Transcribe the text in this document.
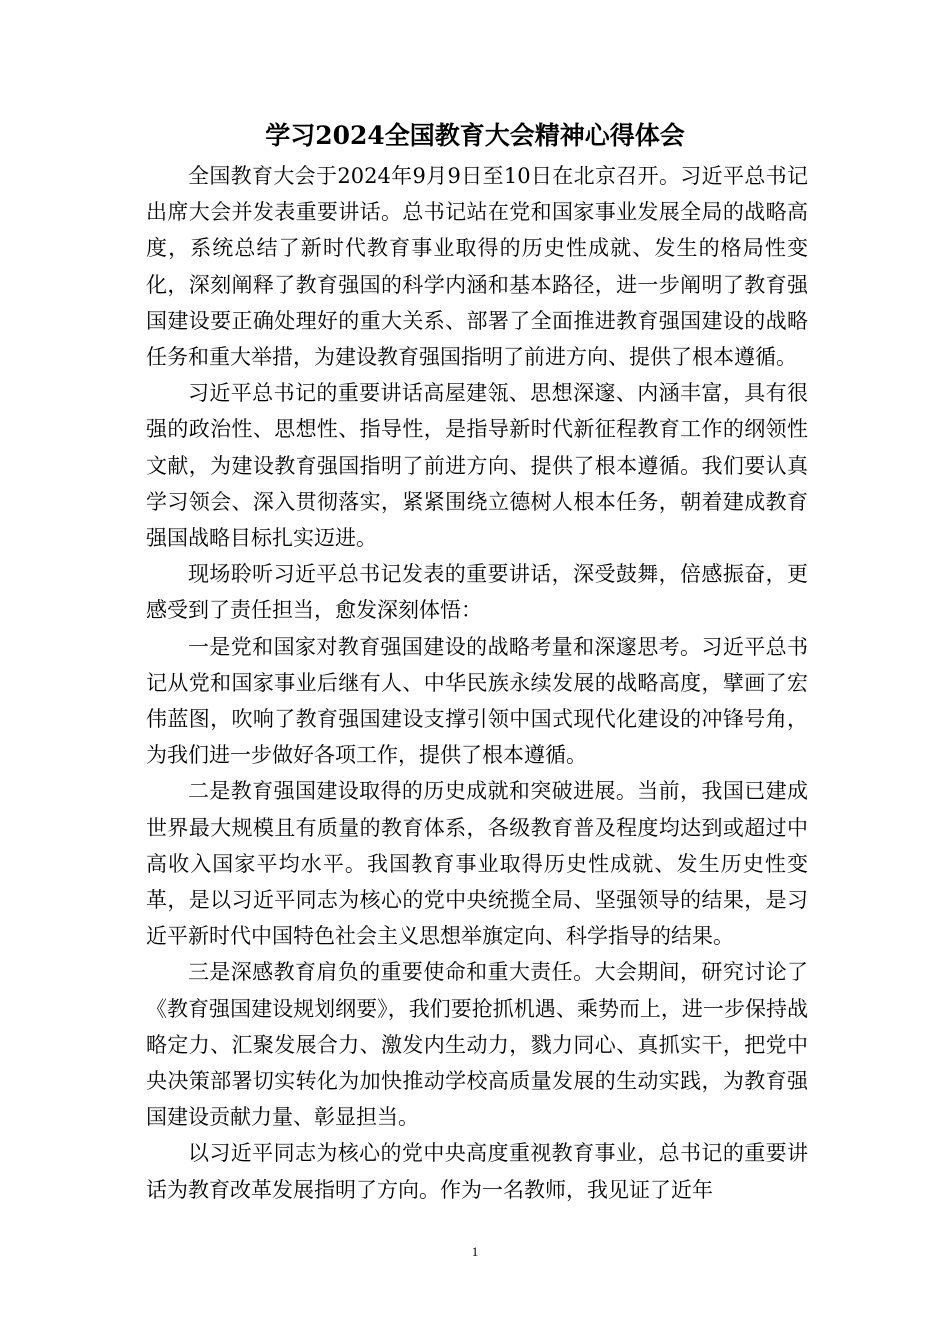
学习2024全国教育大会精神心得体会

全国教育大会于2024年9月9日至10日在北京召开。习近平总书记出席大会并发表重要讲话。总书记站在党和国家事业发展全局的战略高度，系统总结了新时代教育事业取得的历史性成就、发生的格局性变化，深刻阐释了教育强国的科学内涵和基本路径，进一步阐明了教育强国建设要正确处理好的重大关系、部署了全面推进教育强国建设的战略任务和重大举措，为建设教育强国指明了前进方向、提供了根本遵循。

习近平总书记的重要讲话高屋建瓴、思想深邃、内涵丰富，具有很强的政治性、思想性、指导性，是指导新时代新征程教育工作的纲领性文献，为建设教育强国指明了前进方向、提供了根本遵循。我们要认真学习领会、深入贯彻落实，紧紧围绕立德树人根本任务，朝着建成教育强国战略目标扎实迈进。

现场聆听习近平总书记发表的重要讲话，深受鼓舞，倍感振奋，更感受到了责任担当，愈发深刻体悟：

一是党和国家对教育强国建设的战略考量和深邃思考。习近平总书记从党和国家事业后继有人、中华民族永续发展的战略高度，擘画了宏伟蓝图，吹响了教育强国建设支撑引领中国式现代化建设的冲锋号角，为我们进一步做好各项工作，提供了根本遵循。

二是教育强国建设取得的历史成就和突破进展。当前，我国已建成世界最大规模且有质量的教育体系，各级教育普及程度均达到或超过中高收入国家平均水平。我国教育事业取得历史性成就、发生历史性变革，是以习近平同志为核心的党中央统揽全局、坚强领导的结果，是习近平新时代中国特色社会主义思想举旗定向、科学指导的结果。

三是深感教育肩负的重要使命和重大责任。大会期间，研究讨论了《教育强国建设规划纲要》，我们要抢抓机遇、乘势而上，进一步保持战略定力、汇聚发展合力、激发内生动力，戮力同心、真抓实干，把党中央决策部署切实转化为加快推动学校高质量发展的生动实践，为教育强国建设贡献力量、彰显担当。

以习近平同志为核心的党中央高度重视教育事业，总书记的重要讲话为教育改革发展指明了方向。作为一名教师，我见证了近年

1
